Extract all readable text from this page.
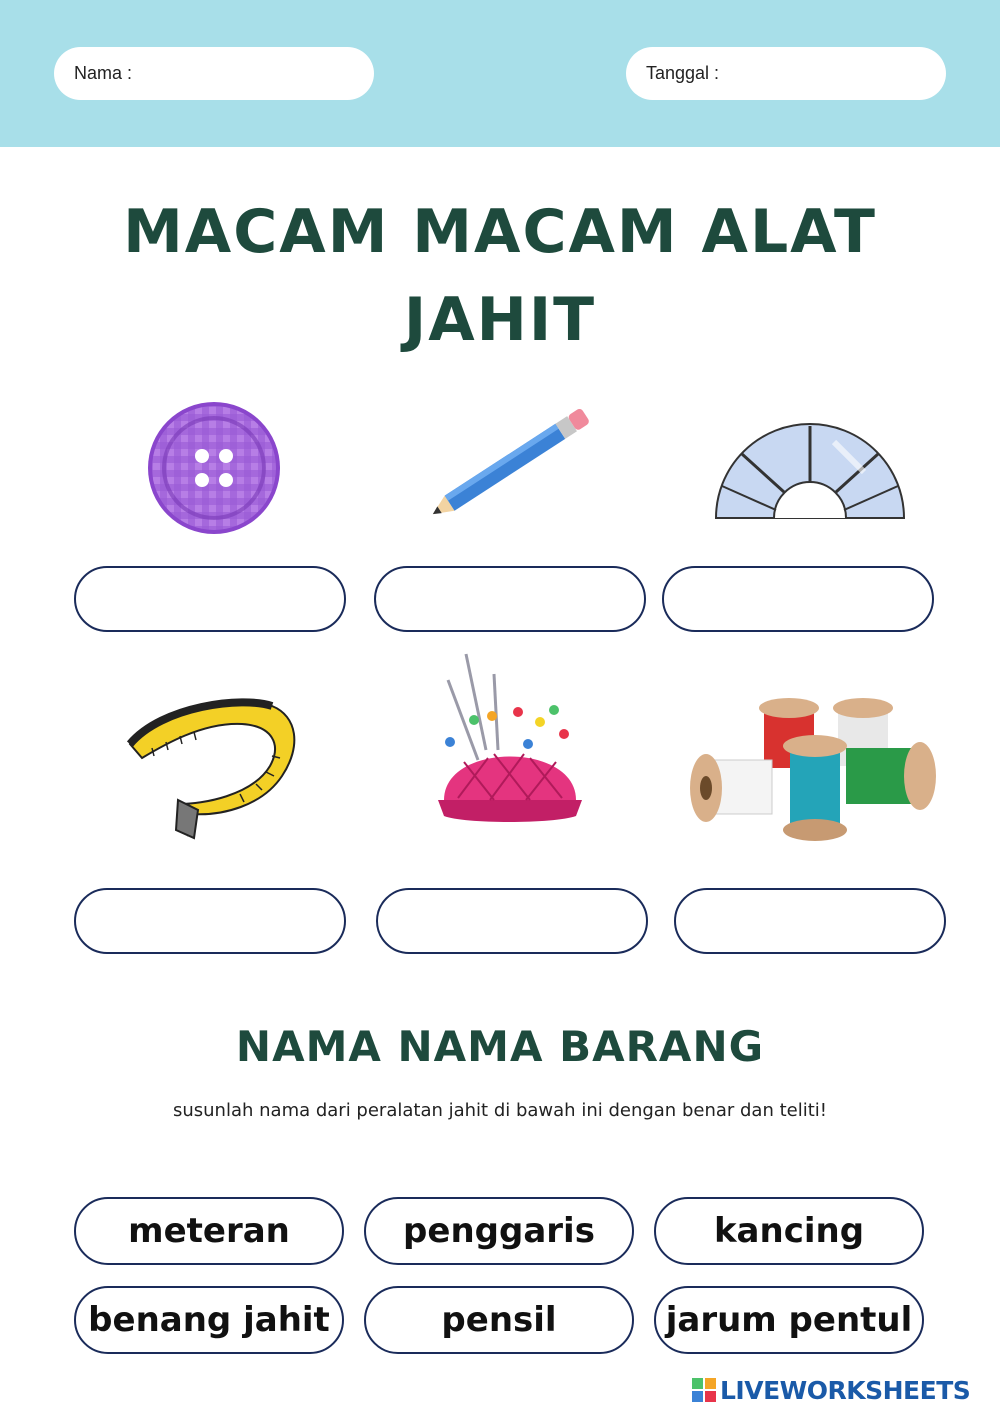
Nama :	Tanggal :
MACAM MACAM ALAT
JAHIT
NAMA NAMA BARANG
susunlah nama dari peralatan jahit di bawah ini dengan benar dan teliti!
meteran	penggaris	kancing
benang jahit	pensil	jarum pentul
LIVEWORKSHEETS
